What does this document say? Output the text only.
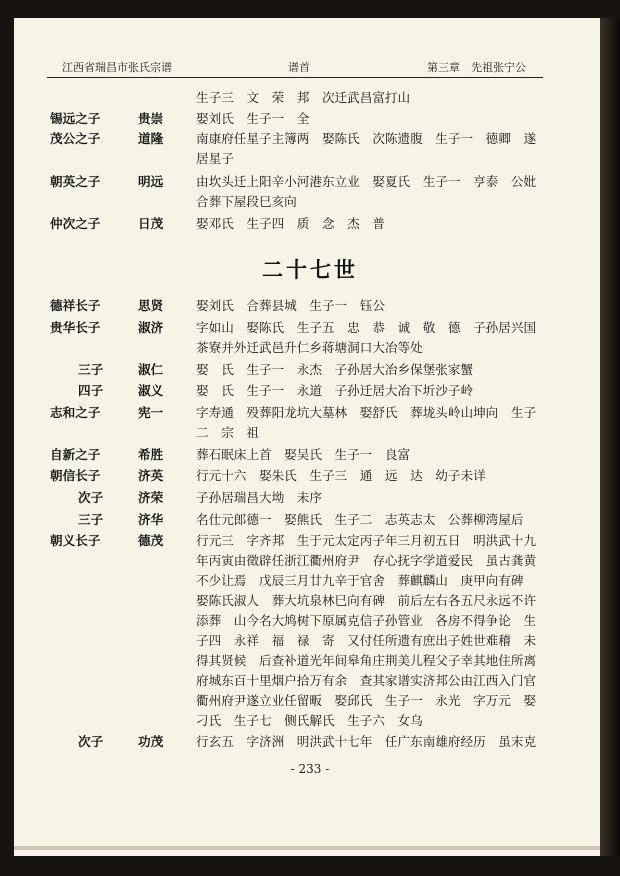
江西省瑞昌市张氏宗谱	谱首	第三章　先祖张宁公
生子三　文　荣　邦　次迁武昌富打山
锡远之子	贵崇	娶刘氏　生子一　全
茂公之子	道隆	南康府任星子主簿两　娶陈氏　次陈遗腹　生子一　德卿　遂居星子
朝英之子	明远	由坎头迁上阳辛小河港东立业　娶夏氏　生子一　亨泰　公妣合葬下屋段巳亥向
仲次之子	日茂	娶邓氏　生子四　质　念　杰　普
二十七世
德祥长子	思贤	娶刘氏　合葬县城　生子一　钰公
贵华长子	淑济	字如山　娶陈氏　生子五　忠　恭　诚　敬　德　子孙居兴国茶寮并外迁武邑升仁乡蒋塘洞口大冶等处
三子	淑仁	娶　氏　生子一　永杰　子孙居大冶乡保堡张家蟹
四子	淑义	娶　氏　生子一　永道　子孙迁居大冶下圻沙子岭
志和之子	宪一	字寿通　殁葬阳龙坑大墓林　娶舒氏　葬垅头岭山坤向　生子二　宗　祖
自新之子	希胜	葬石眠床上首　娶吴氏　生子一　良富
朝信长子	济英	行元十六　娶朱氏　生子三　通　远　达　幼子未详
次子	济荣	子孙居瑞昌大坳　未序
三子	济华	名仕元郎德一　娶熊氏　生子二　志英志太　公葬柳湾屋后
朝义长子	德茂	行元三　字齐邦　生于元太定丙子年三月初五日　明洪武十九年丙寅由徵辟任浙江衢州府尹　存心抚字学道爱民　虽古龚黄不少让焉　戊辰三月廿九辛于官舍　葬麒麟山　庚甲向有碑　娶陈氏淑人　葬大坑泉林巳向有碑　前后左右各五尺永远不许添葬　山今名大鸠树下原属克信子孙管业　各房不得争论　生子四　永祥　福　禄　寄　又付任所遗有庶出子姓世难稽　未得其贤候　后查补道光年间皋角庄荆美儿程父子幸其地住所离府城东百十里烟户拾万有余　查其家谱实济邦公由江西入门官衢州府尹遂立业任留畈　娶邱氏　生子一　永光　字万元　娶刁氏　生子七　侧氏解氏　生子六　女乌
次子	功茂	行玄五　字济洲　明洪武十七年　任广东南雄府经历　虽末克
- 233 -
